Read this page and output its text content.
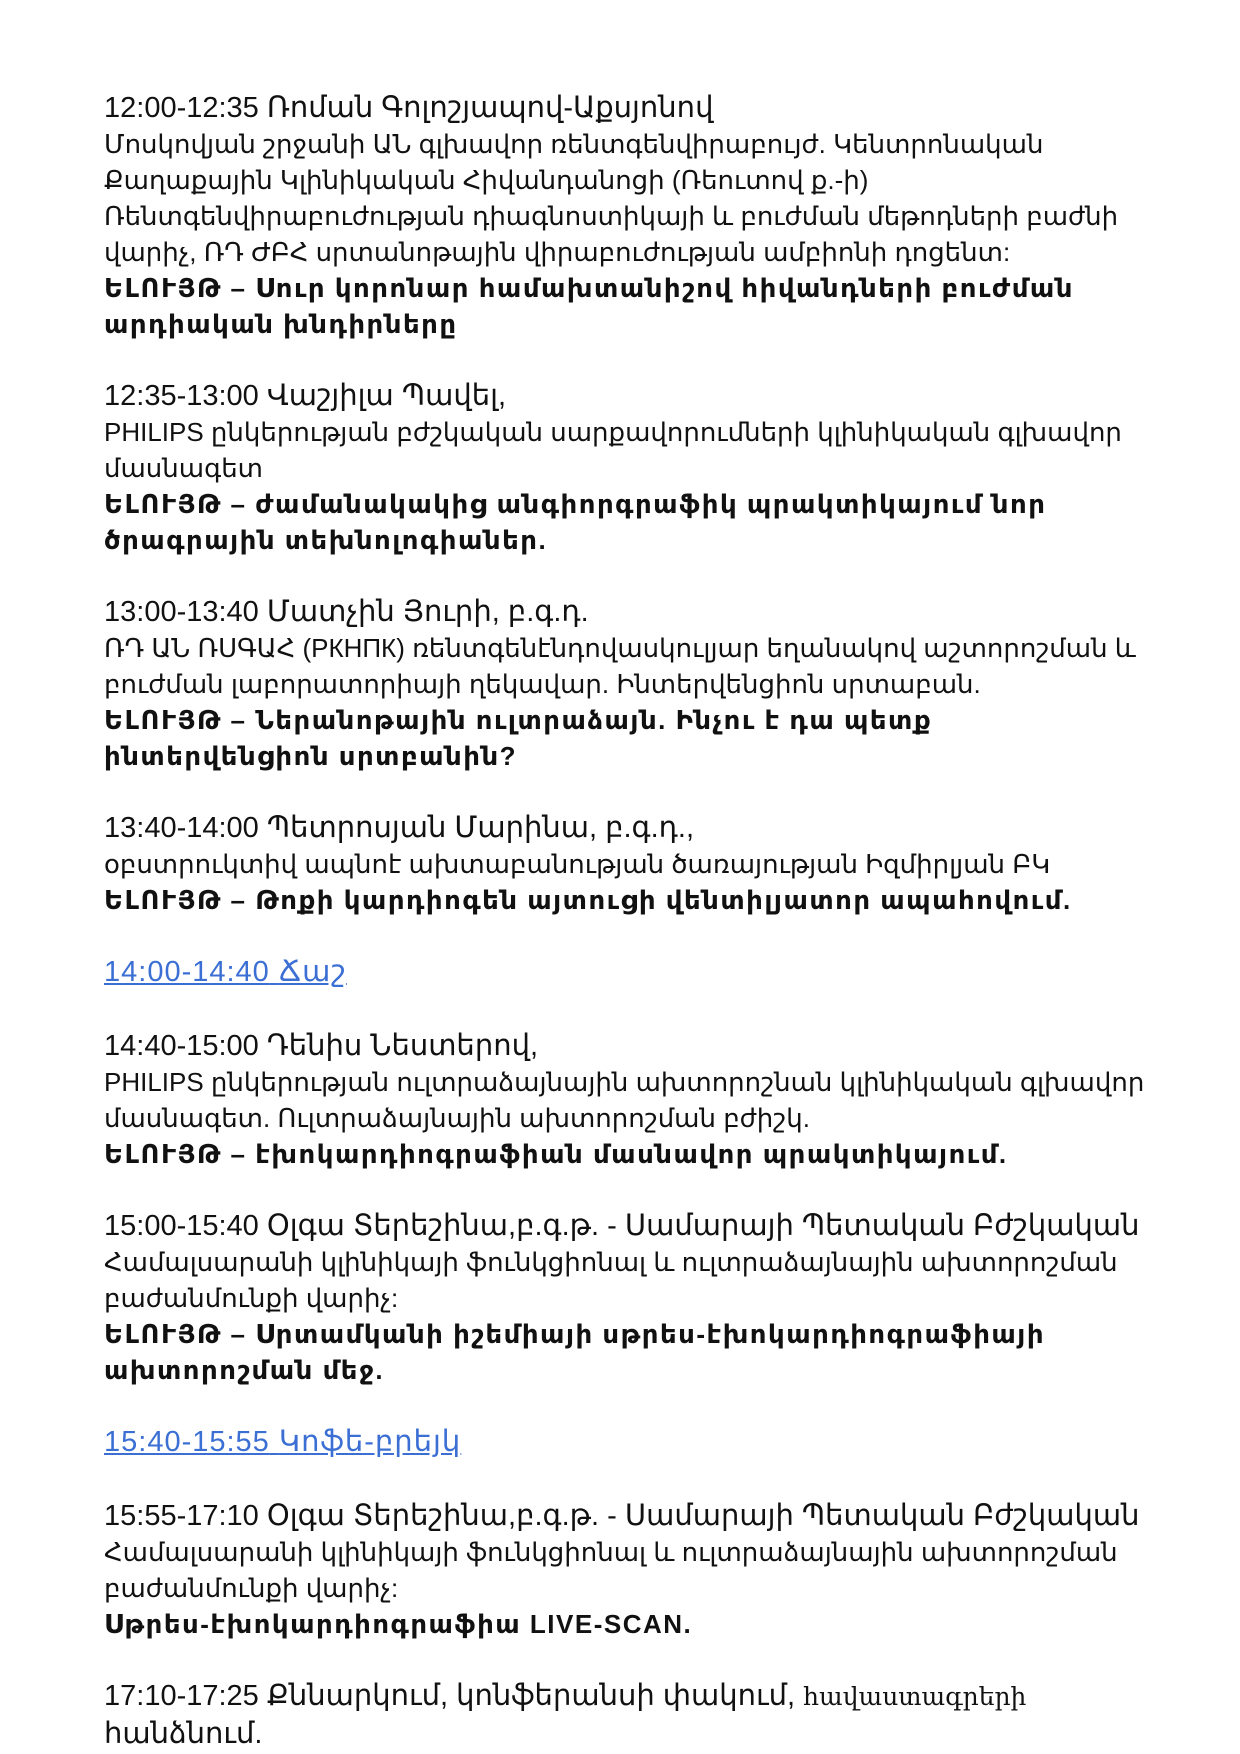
12:00-12:35 Ռոման Գոլոշյապով-Աքսյոնով
Մոսկովյան շրջանի ԱՆ գլխավոր ռենտգենվիրաբույժ. Կենտրոնական Քաղաքային Կլինիկական Հիվանդանոցի (Ռեուտով ք.-ի) Ռենտգենվիրաբուժության դիագնոստիկայի և բուժման մեթոդների բաժնի վարիչ, ՌԴ ԺԲՀ սրտանոթային վիրաբուժության ամբիոնի դոցենտ:
ԵԼՈՒՅԹ – Սուր կորոնար համախտանիշով հիվանդների բուժման արդիական խնդիրները
12:35-13:00 Վաշյիլա Պավել,
PHILIPS ընկերության բժշկական սարքավորումների կլինիկական գլխավոր մասնագետ
ԵԼՈՒՅԹ – ժամանակակից անգիորգրաֆիկ պրակտիկայում նոր ծրագրային տեխնոլոգիաներ.
13:00-13:40 Մատչին Յուրի, բ.գ.դ.
ՌԴ ԱՆ ՌՍԳԱՀ (РКНПК) ռենտգենէնդովասկուլյար եղանակով աշտորոշման և բուժման լաբորատորիայի ղեկավար. Ինտերվենցիոն սրտաբան.
ԵԼՈՒՅԹ – Ներանոթային ուլտրաձայն. Ինչու է դա պետք ինտերվենցիոն սրտբանին?
13:40-14:00 Պետրոսյան Մարինա, բ.գ.դ.,
օբստրուկտիվ ապնոէ ախտաբանության ծառայության Իզմիրլյան ԲԿ
ԵԼՈՒՅԹ – Թոքի կարդիոգեն այտուցի վենտիլյատոր ապահովում.
14:00-14:40 Ճաշ
14:40-15:00 Դենիս Նեստերով,
PHILIPS ընկերության ուլտրաձայնային ախտորոշնան կլինիկական գլխավոր մասնագետ. Ուլտրաձայնային ախտորոշման բժիշկ.
ԵԼՈՒՅԹ – էխոկարդիոգրաֆիան մասնավոր պրակտիկայում.
15:00-15:40 Օլգա Տերեշինա,բ.գ.թ. - Սամարայի Պետական Բժշկական
Համալսարանի կլինիկայի ֆունկցիոնալ և ուլտրաձայնային ախտորոշման բաժանմունքի վարիչ:
ԵԼՈՒՅԹ – Սրտամկանի իշեմիայի սթրես-էխոկարդիոգրաֆիայի ախտորոշման մեջ.
15:40-15:55 Կոֆե-բրեյկ
15:55-17:10 Օլգա Տերեշինա,բ.գ.թ. - Սամարայի Պետական Բժշկական
Համալսարանի կլինիկայի ֆունկցիոնալ և ուլտրաձայնային ախտորոշման բաժանմունքի վարիչ:
Սթրես-էխոկարդիոգրաֆիա LIVE-SCAN.
17:10-17:25 Քննարկում, կոնֆերանսի փակում, հավաստագրերի հանձնում.
